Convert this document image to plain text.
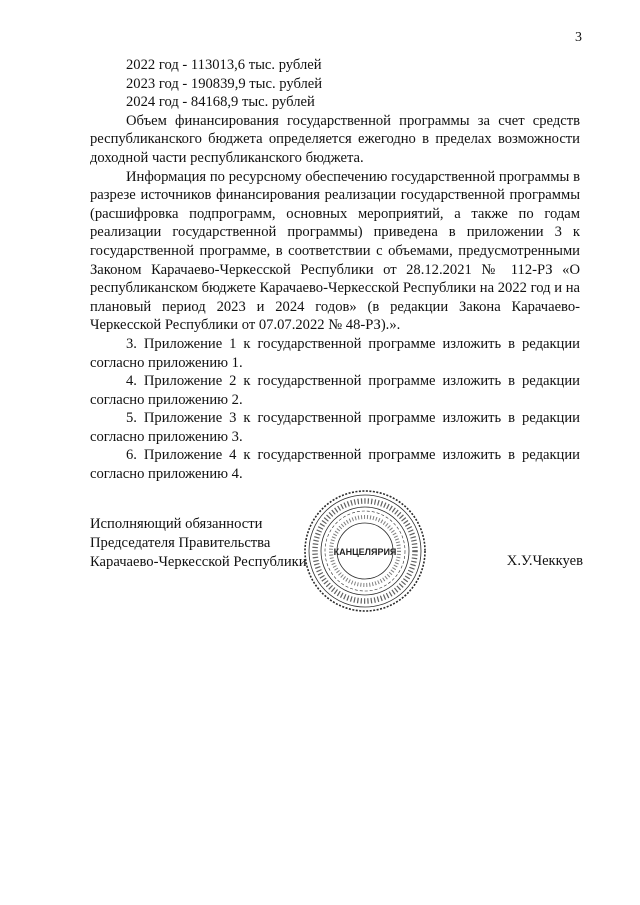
3
2022 год - 113013,6 тыс. рублей
2023 год - 190839,9 тыс. рублей
2024 год - 84168,9 тыс. рублей

Объем финансирования государственной программы за счет средств республиканского бюджета определяется ежегодно в пределах возможности доходной части республиканского бюджета.

Информация по ресурсному обеспечению государственной программы в разрезе источников финансирования реализации государственной программы (расшифровка подпрограмм, основных мероприятий, а также по годам реализации государственной программы) приведена в приложении 3 к государственной программе, в соответствии с объемами, предусмотренными Законом Карачаево-Черкесской Республики от 28.12.2021 № 112-РЗ «О республиканском бюджете Карачаево-Черкесской Республики на 2022 год и на плановый период 2023 и 2024 годов» (в редакции Закона Карачаево-Черкесской Республики от 07.07.2022 № 48-РЗ).».

3. Приложение 1 к государственной программе изложить в редакции согласно приложению 1.

4. Приложение 2 к государственной программе изложить в редакции согласно приложению 2.

5. Приложение 3 к государственной программе изложить в редакции согласно приложению 3.

6. Приложение 4 к государственной программе изложить в редакции согласно приложению 4.

Исполняющий обязанности
Председателя Правительства
Карачаево-Черкесской Республики	Х.У.Чеккуев
КАНЦЕЛЯРИЯ
